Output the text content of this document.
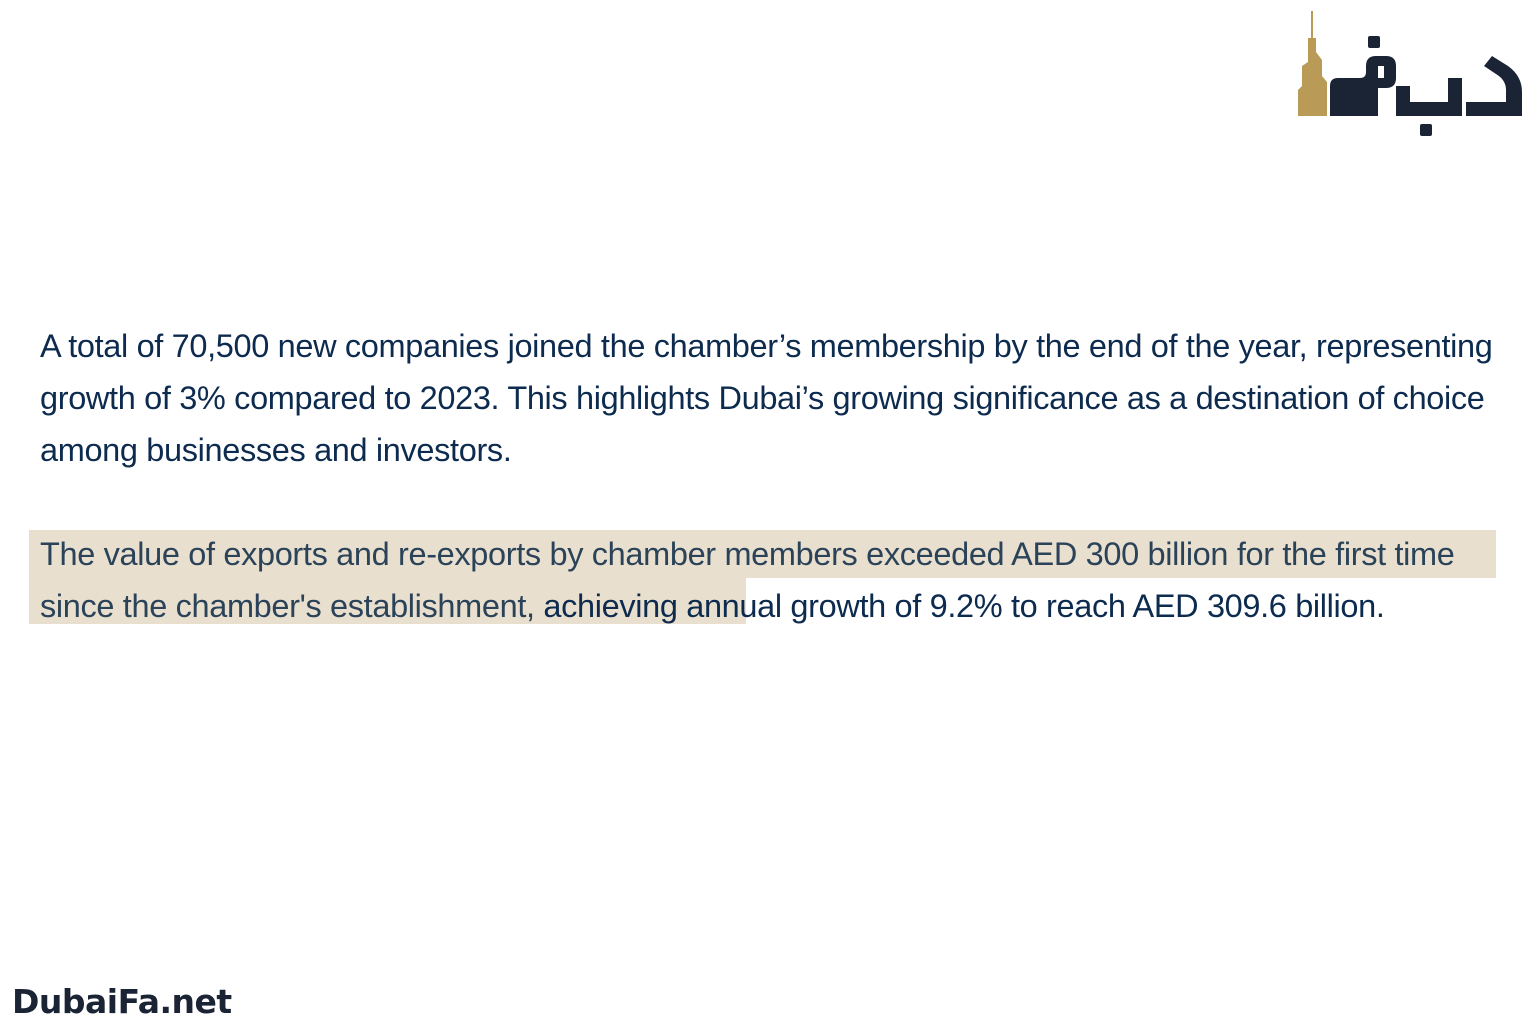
A total of 70,500 new companies joined the chamber’s membership by the end of the year, representing growth of 3% compared to 2023. This highlights Dubai’s growing significance as a destination of choice among businesses and investors.

The value of exports and re-exports by chamber members exceeded AED 300 billion for the first time since the chamber's establishment, achieving annual growth of 9.2% to reach AED 309.6 billion.

DubaiFa.net
